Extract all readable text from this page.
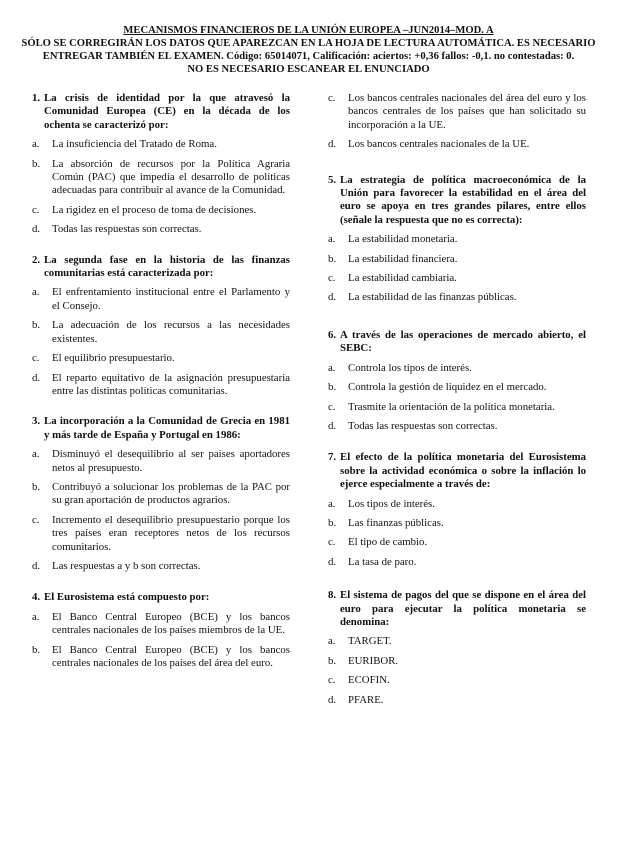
MECANISMOS FINANCIEROS DE LA UNIÓN EUROPEA –JUN2014–MOD. A
SÓLO SE CORREGIRÁN LOS DATOS QUE APAREZCAN EN LA HOJA DE LECTURA AUTOMÁTICA. ES NECESARIO
ENTREGAR TAMBIÉN EL EXAMEN. Código: 65014071, Calificación: aciertos: +0,36 fallos: -0,1. no contestadas: 0.
NO ES NECESARIO ESCANEAR EL ENUNCIADO
1. La crisis de identidad por la que atravesó la Comunidad Europea (CE) en la década de los ochenta se caracterizó por:
a.	La insuficiencia del Tratado de Roma.
b.	La absorción de recursos por la Política Agraria Común (PAC) que impedía el desarrollo de políticas adecuadas para contribuir al avance de la Comunidad.
c.	La rigidez en el proceso de toma de decisiones.
d.	Todas las respuestas son correctas.
2. La segunda fase en la historia de las finanzas comunitarias está caracterizada por:
a.	El enfrentamiento institucional entre el Parlamento y el Consejo.
b.	La adecuación de los recursos a las necesidades existentes.
c.	El equilibrio presupuestario.
d.	El reparto equitativo de la asignación presupuestaria entre las distintas políticas comunitarias.
3. La incorporación a la Comunidad de Grecia en 1981 y más tarde de España y Portugal en 1986:
a.	Disminuyó el desequilibrio al ser países aportadores netos al presupuesto.
b.	Contribuyó a solucionar los problemas de la PAC por su gran aportación de productos agrarios.
c.	Incremento el desequilibrio presupuestario porque los tres países eran receptores netos de los recursos comunitarios.
d.	Las respuestas a y b son correctas.
4. El Eurosistema está compuesto por:
a.	El Banco Central Europeo (BCE) y los bancos centrales nacionales de los países miembros de la UE.
b.	El Banco Central Europeo (BCE) y los bancos centrales nacionales de los países del área del euro.
c.	Los bancos centrales nacionales del área del euro y los bancos centrales de los países que han solicitado su incorporación a la UE.
d.	Los bancos centrales nacionales de la UE.
5. La estrategia de política macroeconómica de la Unión para favorecer la estabilidad en el área del euro se apoya en tres grandes pilares, entre ellos (señale la respuesta que no es correcta):
a.	La estabilidad monetaria.
b.	La estabilidad financiera.
c.	La estabilidad cambiaria.
d.	La estabilidad de las finanzas públicas.
6. A través de las operaciones de mercado abierto, el SEBC:
a.	Controla los tipos de interés.
b.	Controla la gestión de liquidez en el mercado.
c.	Trasmite la orientación de la política monetaria.
d.	Todas las respuestas son correctas.
7. El efecto de la política monetaria del Eurosistema sobre la actividad económica o sobre la inflación lo ejerce especialmente a través de:
a.	Los tipos de interés.
b.	Las finanzas públicas.
c.	El tipo de cambio.
d.	La tasa de paro.
8. El sistema de pagos del que se dispone en el área del euro para ejecutar la política monetaria se denomina:
a.	TARGET.
b.	EURIBOR.
c.	ECOFIN.
d.	PFARE.
